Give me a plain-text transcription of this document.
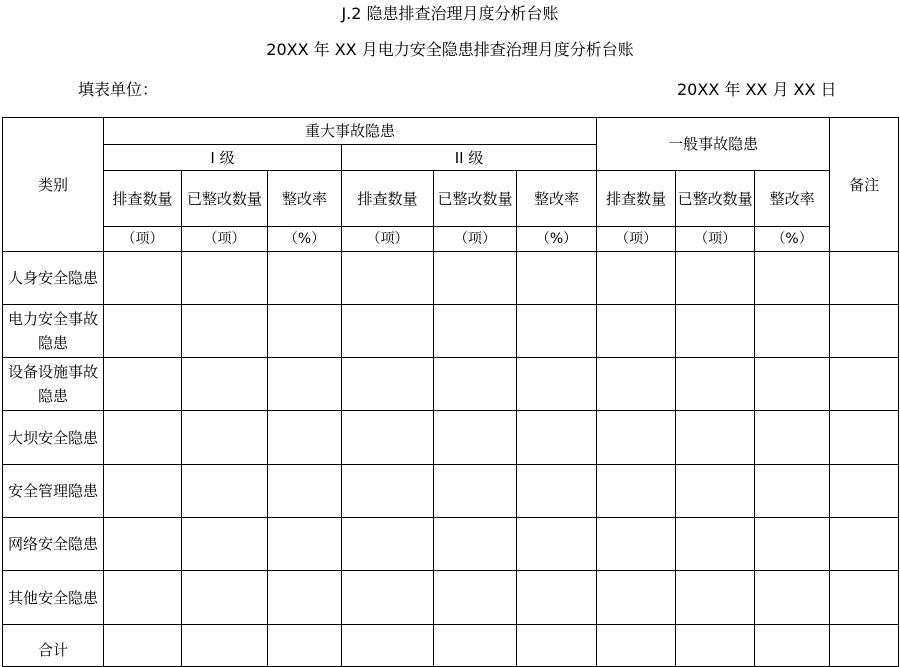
J.2 隐患排查治理月度分析台账
20XX 年 XX 月电力安全隐患排查治理月度分析台账
填表单位：	20XX 年 XX 月 XX 日
类别	重大事故隐患						一般事故隐患			备注
	I 级			II 级						
	排查数量	已整改数量	整改率	排查数量	已整改数量	整改率	排查数量	已整改数量	整改率	
	（项）	（项）	（%）	（项）	（项）	（%）	（项）	（项）	（%）	
人身安全隐患										
电力安全事故隐患										
设备设施事故隐患										
大坝安全隐患										
安全管理隐患										
网络安全隐患										
其他安全隐患										
合计										
